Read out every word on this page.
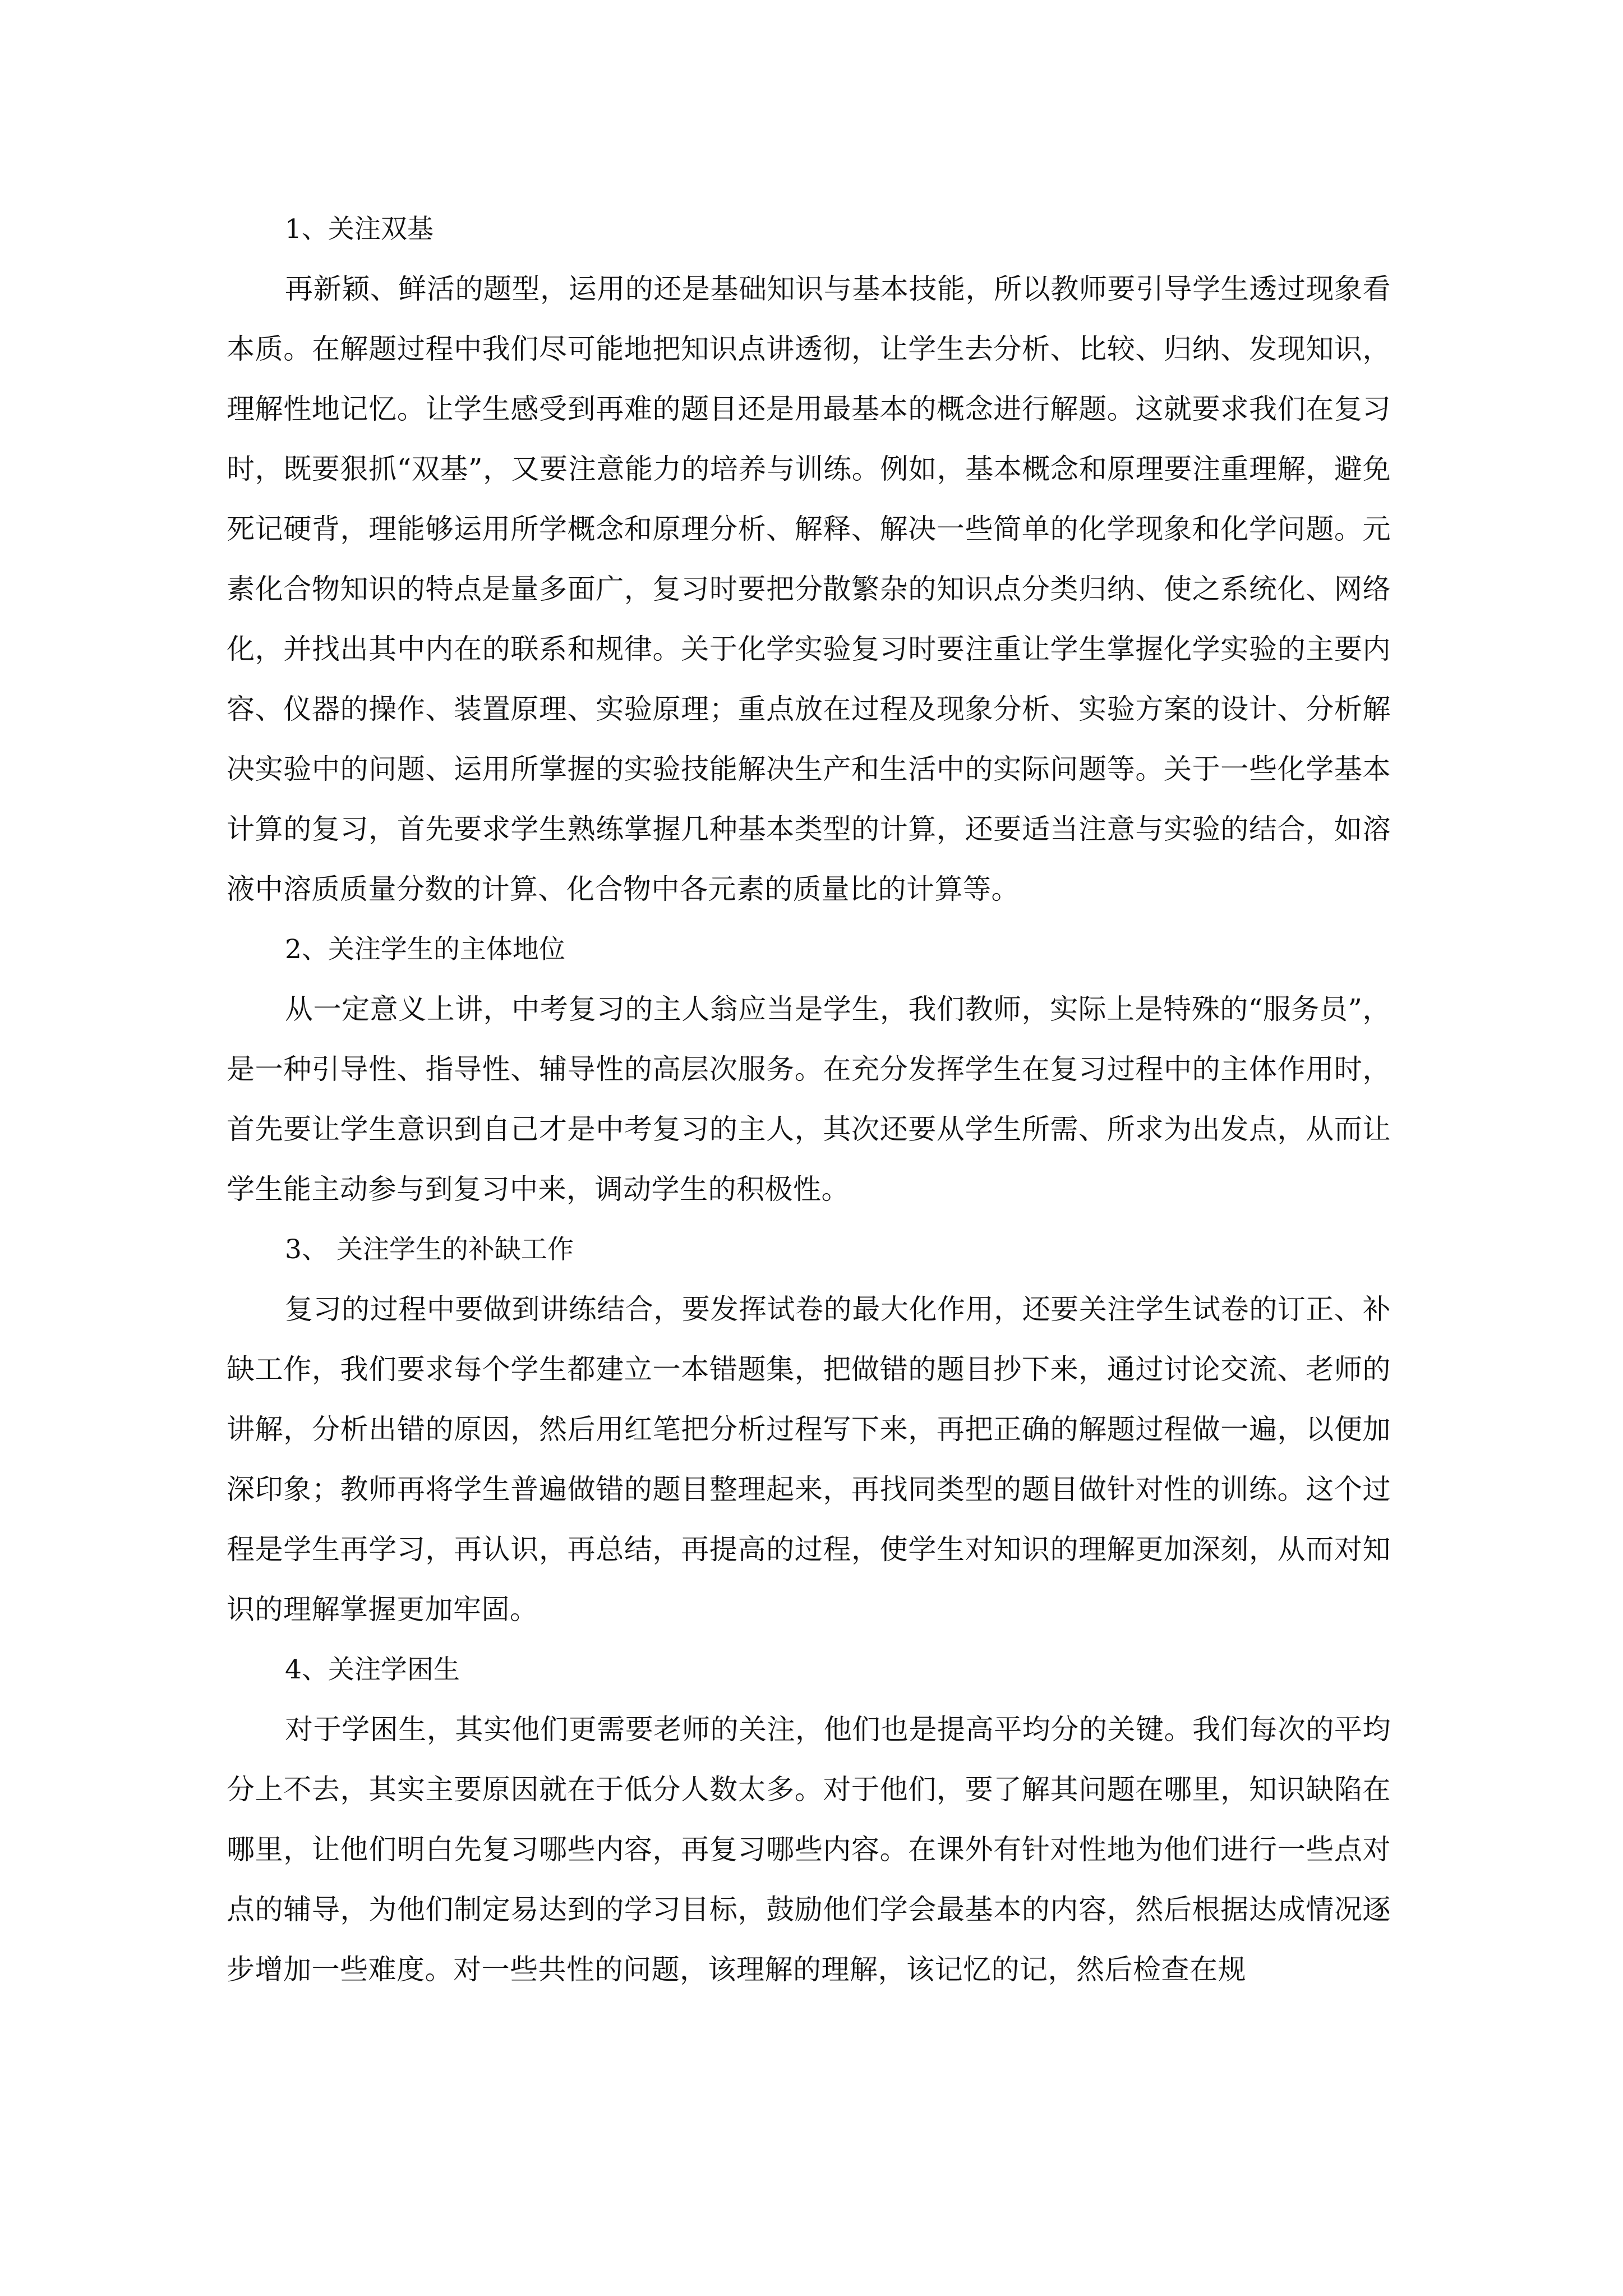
1、关注双基

再新颖、鲜活的题型，运用的还是基础知识与基本技能，所以教师要引导学生透过现象看本质。在解题过程中我们尽可能地把知识点讲透彻，让学生去分析、比较、归纳、发现知识，理解性地记忆。让学生感受到再难的题目还是用最基本的概念进行解题。这就要求我们在复习时，既要狠抓“双基”，又要注意能力的培养与训练。例如，基本概念和原理要注重理解，避免死记硬背，理能够运用所学概念和原理分析、解释、解决一些简单的化学现象和化学问题。元素化合物知识的特点是量多面广，复习时要把分散繁杂的知识点分类归纳、使之系统化、网络化，并找出其中内在的联系和规律。关于化学实验复习时要注重让学生掌握化学实验的主要内容、仪器的操作、装置原理、实验原理；重点放在过程及现象分析、实验方案的设计、分析解决实验中的问题、运用所掌握的实验技能解决生产和生活中的实际问题等。关于一些化学基本计算的复习，首先要求学生熟练掌握几种基本类型的计算，还要适当注意与实验的结合，如溶液中溶质质量分数的计算、化合物中各元素的质量比的计算等。

2、关注学生的主体地位

从一定意义上讲，中考复习的主人翁应当是学生，我们教师，实际上是特殊的“服务员”，是一种引导性、指导性、辅导性的高层次服务。在充分发挥学生在复习过程中的主体作用时，首先要让学生意识到自己才是中考复习的主人，其次还要从学生所需、所求为出发点，从而让学生能主动参与到复习中来，调动学生的积极性。

3、 关注学生的补缺工作

复习的过程中要做到讲练结合，要发挥试卷的最大化作用，还要关注学生试卷的订正、补缺工作，我们要求每个学生都建立一本错题集，把做错的题目抄下来，通过讨论交流、老师的讲解，分析出错的原因，然后用红笔把分析过程写下来，再把正确的解题过程做一遍，以便加深印象；教师再将学生普遍做错的题目整理起来，再找同类型的题目做针对性的训练。这个过程是学生再学习，再认识，再总结，再提高的过程，使学生对知识的理解更加深刻，从而对知识的理解掌握更加牢固。

4、关注学困生

对于学困生，其实他们更需要老师的关注，他们也是提高平均分的关键。我们每次的平均分上不去，其实主要原因就在于低分人数太多。对于他们，要了解其问题在哪里，知识缺陷在哪里，让他们明白先复习哪些内容，再复习哪些内容。在课外有针对性地为他们进行一些点对点的辅导，为他们制定易达到的学习目标，鼓励他们学会最基本的内容，然后根据达成情况逐步增加一些难度。对一些共性的问题，该理解的理解，该记忆的记，然后检查在规
